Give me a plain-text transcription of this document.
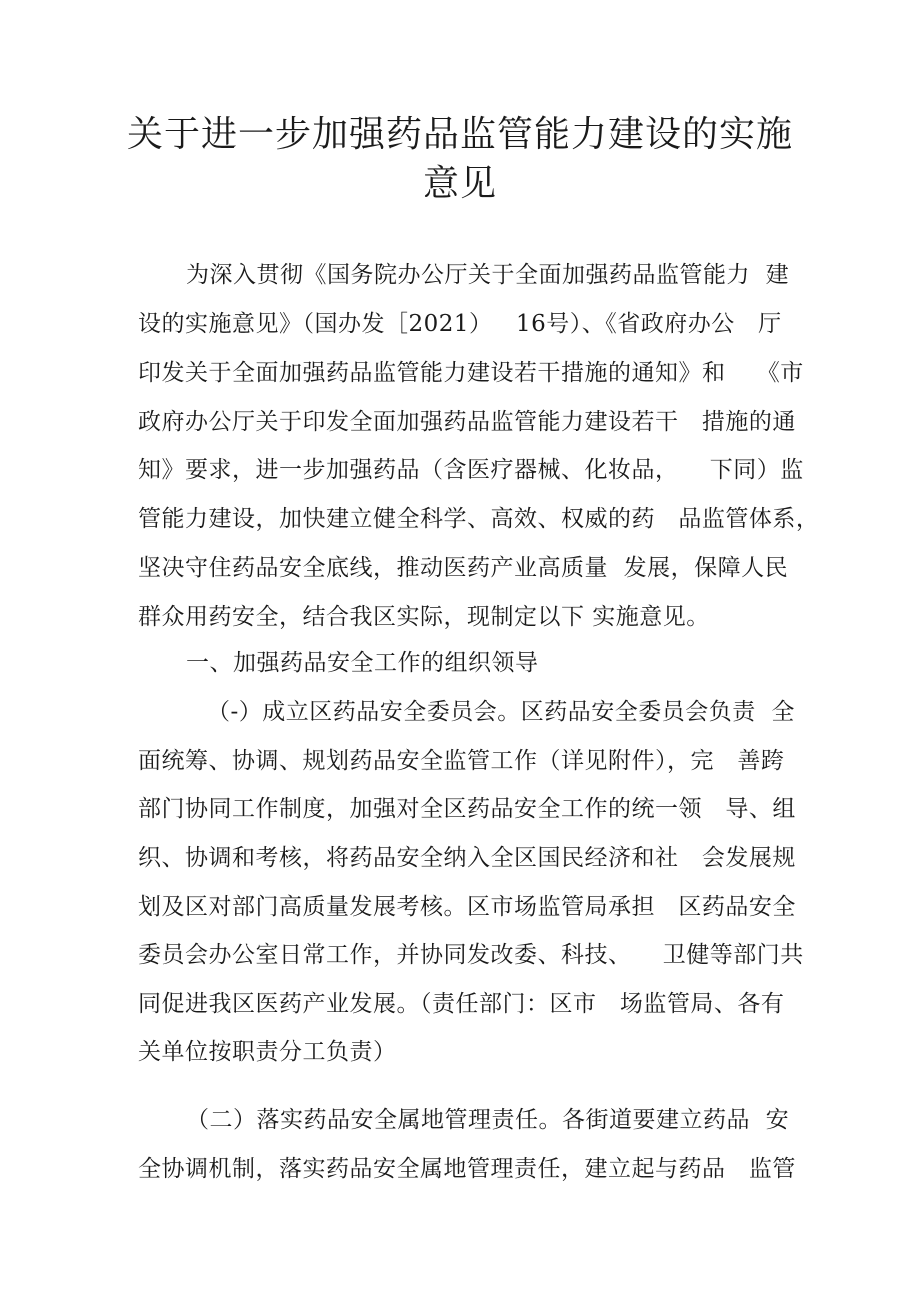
关于进一步加强药品监管能力建设的实施
意见
为深入贯彻《国务院办公厅关于全面加强药品监管能力  建
设的实施意见》（国办发［2021）   16号）、《省政府办公   厅
印发关于全面加强药品监管能力建设若干措施的通知》和    《市
政府办公厅关于印发全面加强药品监管能力建设若干   措施的通
知》要求，进一步加强药品（含医疗器械、化妆品，    下同）监
管能力建设，加快建立健全科学、高效、权威的药   品监管体系，
坚决守住药品安全底线，推动医药产业高质量  发展，保障人民
群众用药安全，结合我区实际，现制定以下 实施意见。
一、加强药品安全工作的组织领导
（-）成立区药品安全委员会。区药品安全委员会负责  全
面统筹、协调、规划药品安全监管工作（详见附件），完   善跨
部门协同工作制度，加强对全区药品安全工作的统一领   导、组
织、协调和考核，将药品安全纳入全区国民经济和社   会发展规
划及区对部门高质量发展考核。区市场监管局承担   区药品安全
委员会办公室日常工作，并协同发改委、科技、    卫健等部门共
同促进我区医药产业发展。（责任部门：区市   场监管局、各有
关单位按职责分工负责）
（二）落实药品安全属地管理责任。各街道要建立药品  安
全协调机制，落实药品安全属地管理责任，建立起与药品   监管
